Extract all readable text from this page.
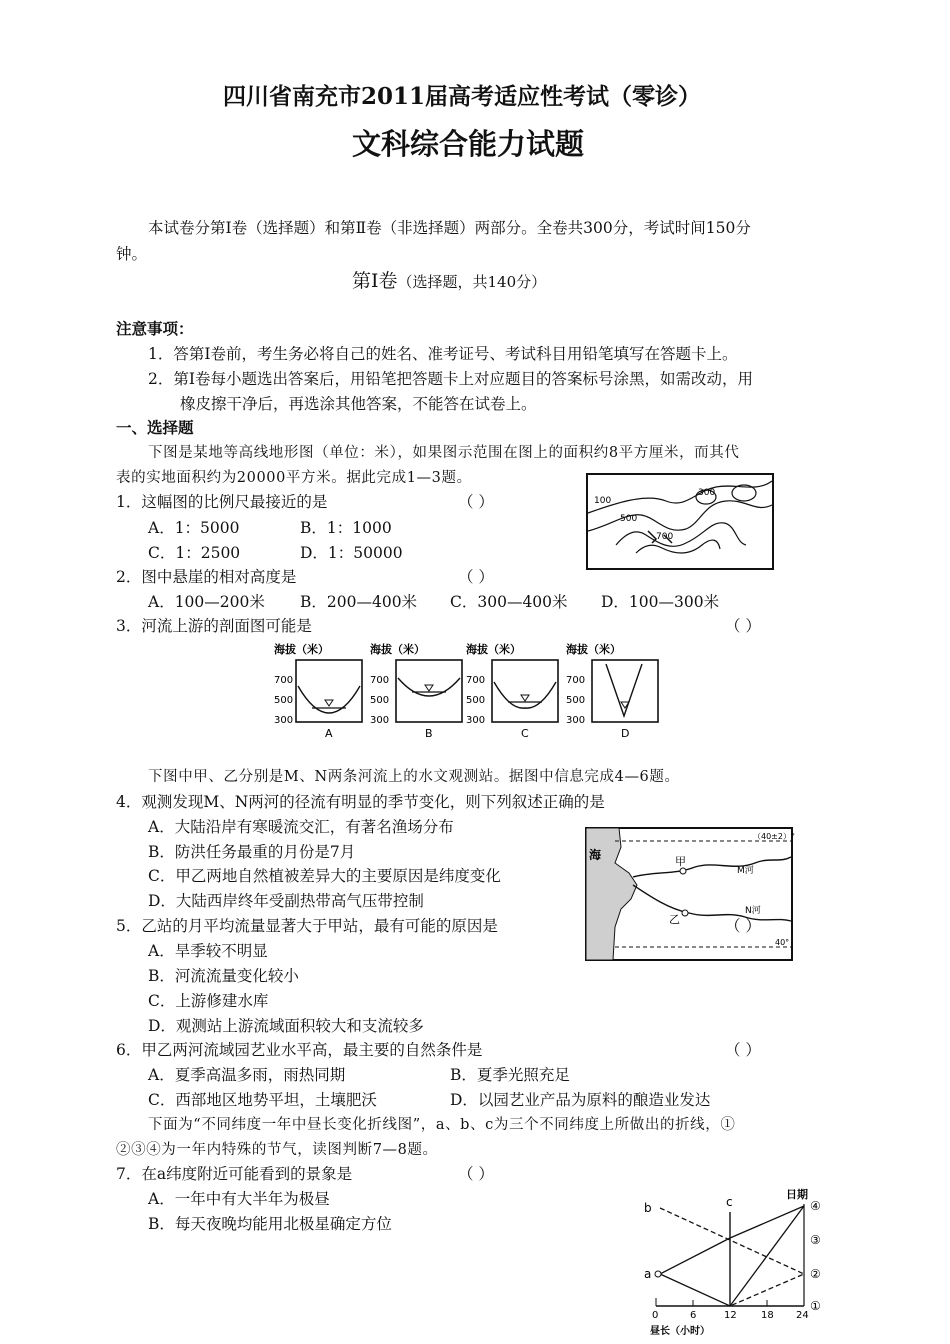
四川省南充市2011届高考适应性考试（零诊）
文科综合能力试题
本试卷分第Ⅰ卷（选择题）和第Ⅱ卷（非选择题）两部分。全卷共300分，考试时间150分
钟。
第Ⅰ卷（选择题，共140分）
注意事项：
1．答第Ⅰ卷前，考生务必将自己的姓名、准考证号、考试科目用铅笔填写在答题卡上。
2．第Ⅰ卷每小题选出答案后，用铅笔把答题卡上对应题目的答案标号涂黑，如需改动，用
橡皮擦干净后，再选涂其他答案，不能答在试卷上。
一、选择题
下图是某地等高线地形图（单位：米），如果图示范围在图上的面积约8平方厘米，而其代
表的实地面积约为20000平方米。据此完成1—3题。
1．这幅图的比例尺最接近的是	（ ）
A．1：5000	B．1：1000
C．1：2500	D．1：50000
2．图中悬崖的相对高度是	（ ）
A．100—200米 B．200—400米 C．300—400米 D．100—300米
3．河流上游的剖面图可能是	（ ）
100
300
500
700
海拔（米）
700
500
300
A
海拔（米）
700
500
300
B
海拔（米）
700
500
300
C
海拔（米）
700
500
300
D
下图中甲、乙分别是M、N两条河流上的水文观测站。据图中信息完成4—6题。
4．观测发现M、N两河的径流有明显的季节变化，则下列叙述正确的是
A．大陆沿岸有寒暖流交汇，有著名渔场分布
B．防洪任务最重的月份是7月
C．甲乙两地自然植被差异大的主要原因是纬度变化
D．大陆西岸终年受副热带高气压带控制
海
（40±2）°
40°
甲
乙
M河
N河
5．乙站的月平均流量显著大于甲站，最有可能的原因是	（ ）
A．旱季较不明显
B．河流流量变化较小
C．上游修建水库
D．观测站上游流域面积较大和支流较多
6．甲乙两河流域园艺业水平高，最主要的自然条件是	（ ）
A．夏季高温多雨，雨热同期	B．夏季光照充足
C．西部地区地势平坦，土壤肥沃	D．以园艺业产品为原料的酿造业发达
下面为“不同纬度一年中昼长变化折线图”，a、b、c为三个不同纬度上所做出的折线，①
②③④为一年内特殊的节气，读图判断7—8题。
7．在a纬度附近可能看到的景象是	（ ）
A．一年中有大半年为极昼
B．每天夜晚均能用北极星确定方位
0	6	12 18 24
昼长（小时）
日期
①
②
③
④
c
a
b
